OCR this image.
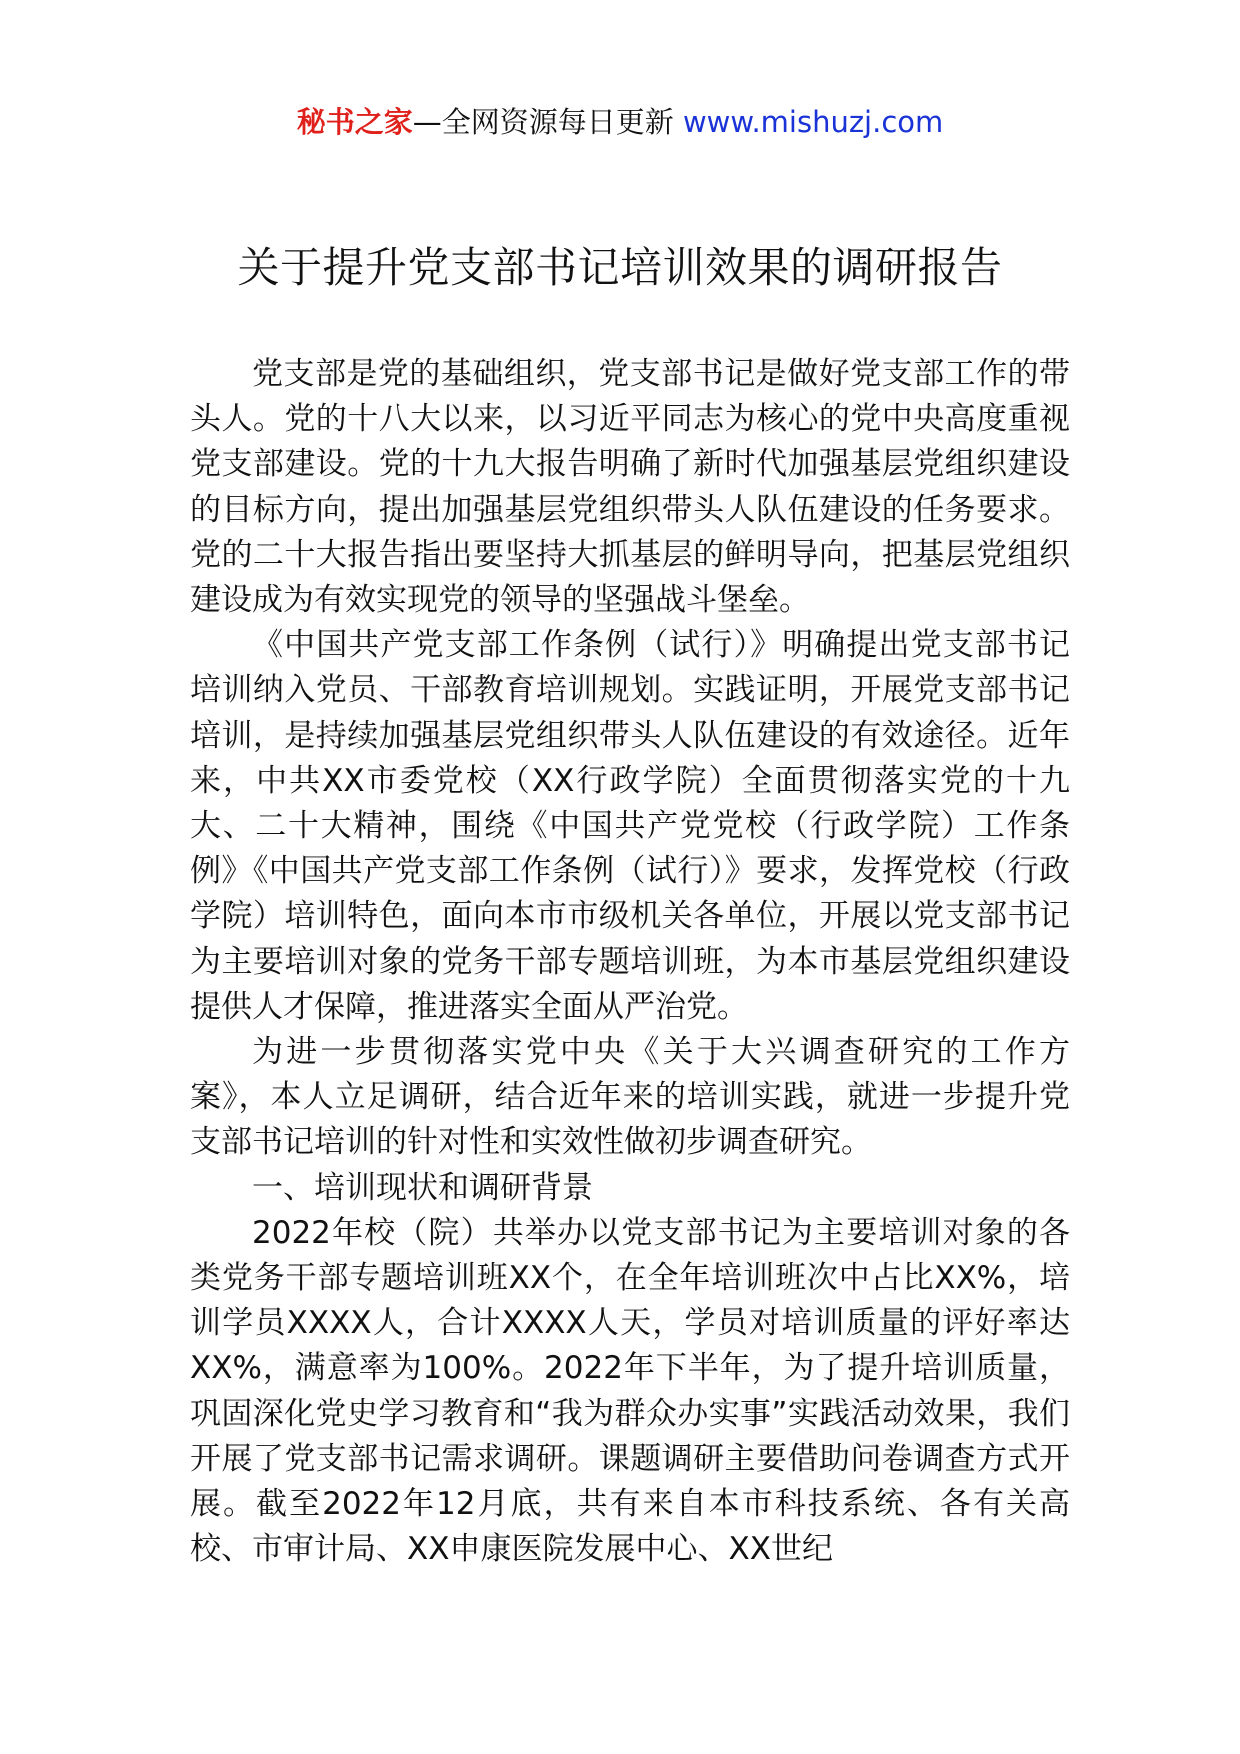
秘书之家—全网资源每日更新 www.mishuzj.com
关于提升党支部书记培训效果的调研报告

党支部是党的基础组织，党支部书记是做好党支部工作的带头人。党的十八大以来，以习近平同志为核心的党中央高度重视党支部建设。党的十九大报告明确了新时代加强基层党组织建设的目标方向，提出加强基层党组织带头人队伍建设的任务要求。党的二十大报告指出要坚持大抓基层的鲜明导向，把基层党组织建设成为有效实现党的领导的坚强战斗堡垒。

《中国共产党支部工作条例（试行）》明确提出党支部书记培训纳入党员、干部教育培训规划。实践证明，开展党支部书记培训，是持续加强基层党组织带头人队伍建设的有效途径。近年来，中共XX市委党校（XX行政学院）全面贯彻落实党的十九大、二十大精神，围绕《中国共产党党校（行政学院）工作条例》《中国共产党支部工作条例（试行）》要求，发挥党校（行政学院）培训特色，面向本市市级机关各单位，开展以党支部书记为主要培训对象的党务干部专题培训班，为本市基层党组织建设提供人才保障，推进落实全面从严治党。

为进一步贯彻落实党中央《关于大兴调查研究的工作方案》，本人立足调研，结合近年来的培训实践，就进一步提升党支部书记培训的针对性和实效性做初步调查研究。

一、培训现状和调研背景

2022年校（院）共举办以党支部书记为主要培训对象的各类党务干部专题培训班XX个，在全年培训班次中占比XX%，培训学员XXXX人，合计XXXX人天，学员对培训质量的评好率达XX%，满意率为100%。2022年下半年，为了提升培训质量，巩固深化党史学习教育和“我为群众办实事”实践活动效果，我们开展了党支部书记需求调研。课题调研主要借助问卷调查方式开展。截至2022年12月底，共有来自本市科技系统、各有关高校、市审计局、XX申康医院发展中心、XX世纪
